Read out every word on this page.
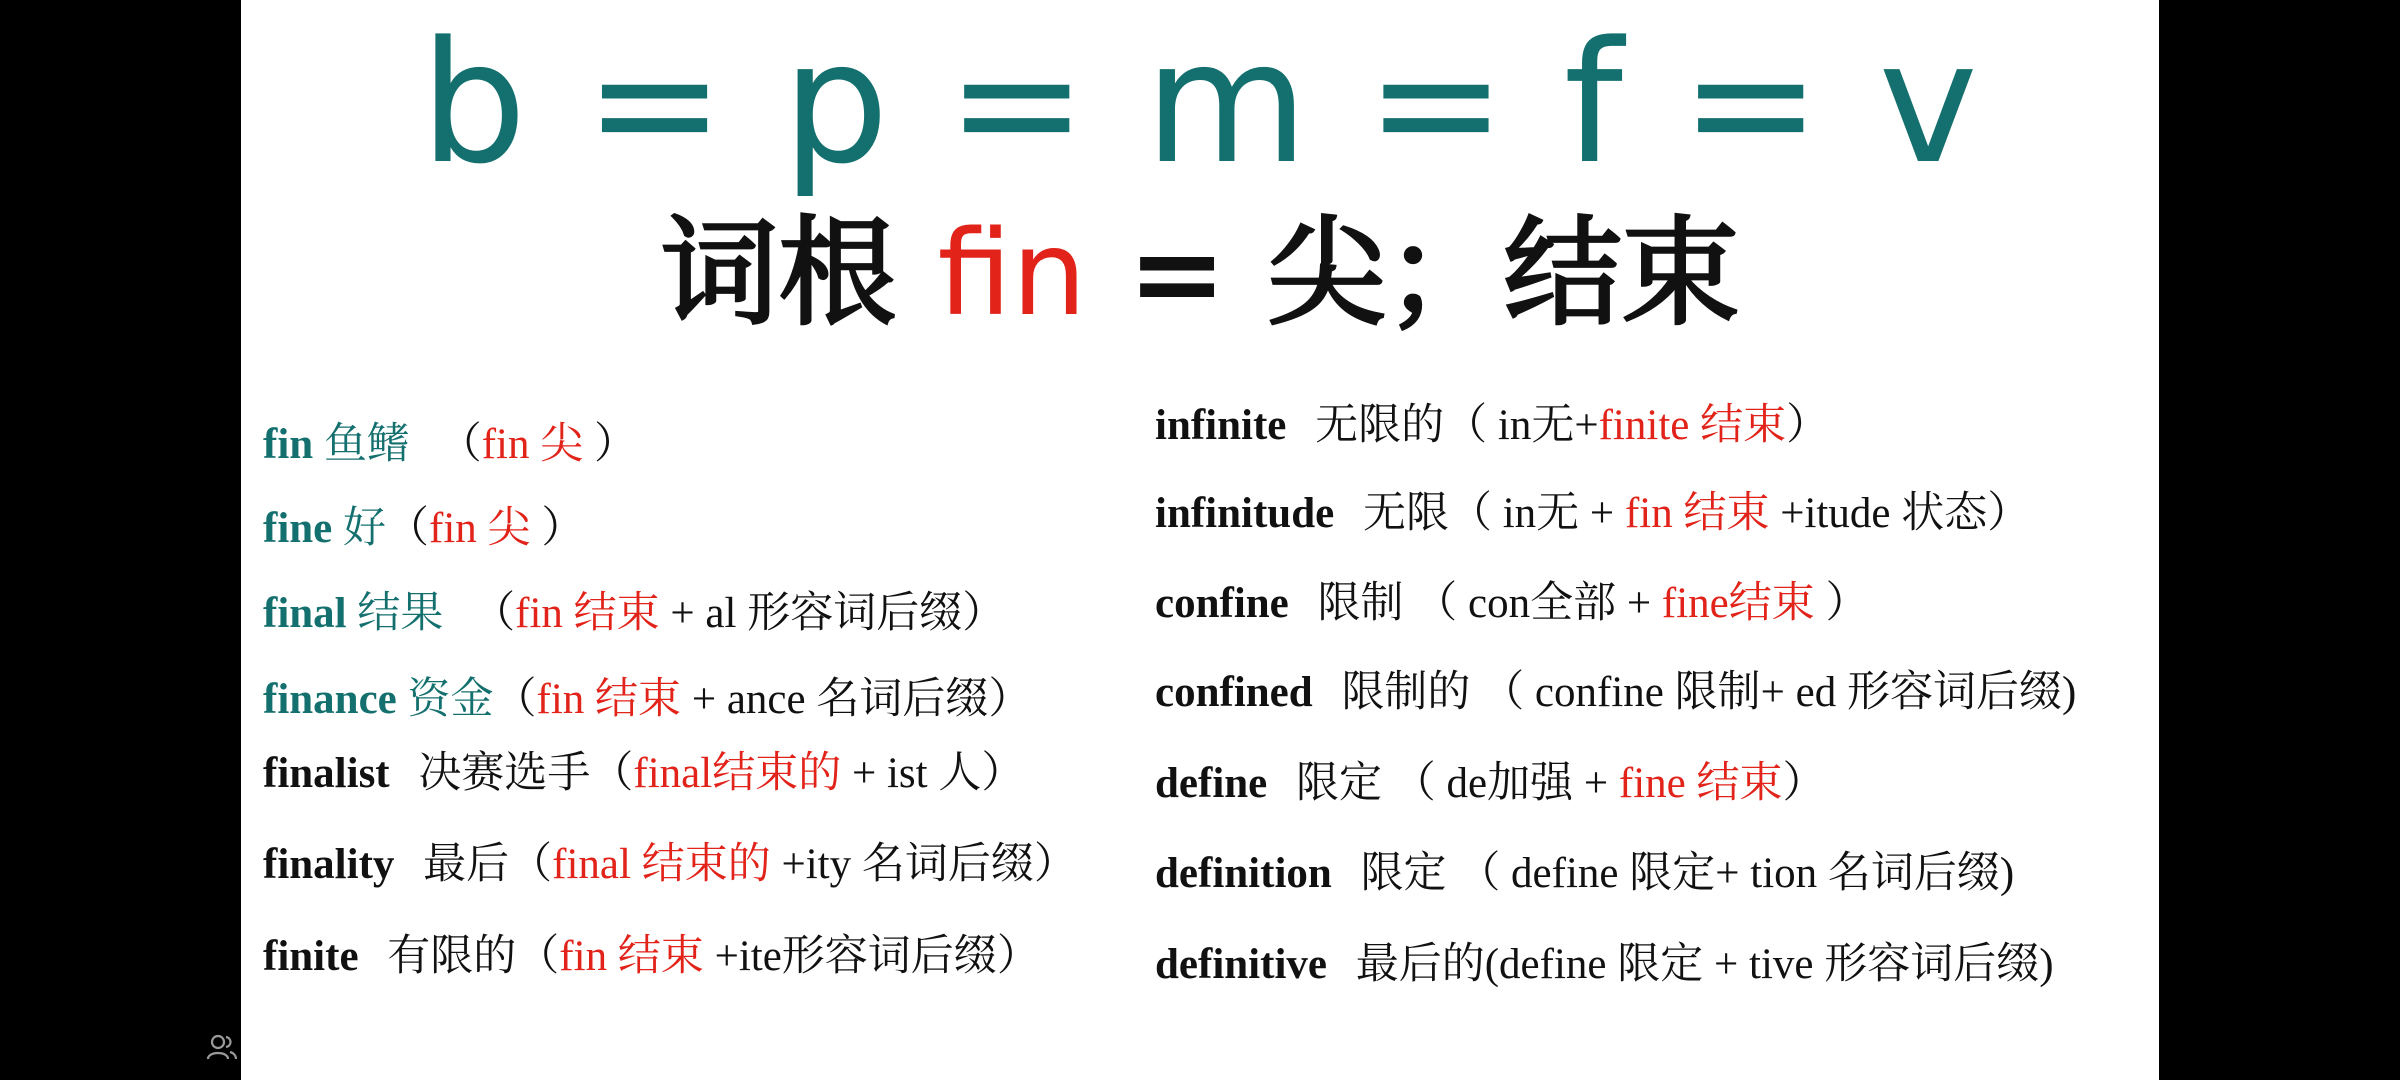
b = p = m = f = v
词根 fin = 尖；结束
fin 鱼鳍 （fin 尖 ）
fine 好（fin 尖 ）
final 结果 （fin 结束 + al 形容词后缀）
finance 资金（fin 结束 + ance 名词后缀）
finalist 决赛选手（final结束的 + ist 人）
finality 最后（final 结束的 +ity 名词后缀）
finite 有限的（fin 结束 +ite形容词后缀）
infinite 无限的（ in无+finite 结束）
infinitude 无限（ in无 + fin 结束 +itude 状态）
confine 限制 （ con全部 + fine结束 ）
confined 限制的 （ confine 限制+ ed 形容词后缀)
define 限定 （ de加强 + fine 结束）
definition 限定 （ define 限定+ tion 名词后缀)
definitive 最后的(define 限定 + tive 形容词后缀)
